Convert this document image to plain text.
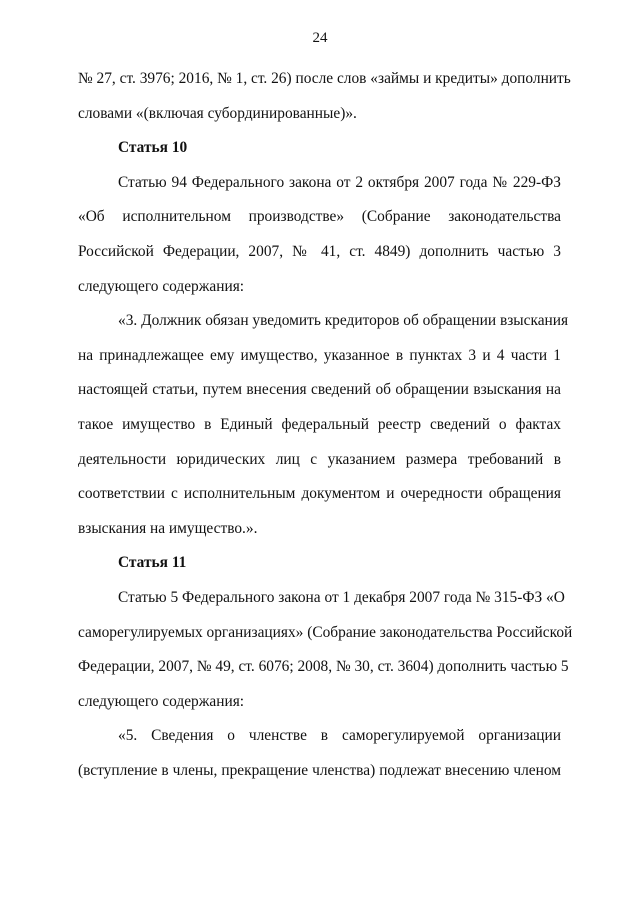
24
№ 27, ст. 3976; 2016, № 1, ст. 26) после слов «займы и кредиты» дополнить
словами «(включая субординированные)».
Статья 10
Статью 94 Федерального закона от 2 октября 2007 года № 229-ФЗ
«Об исполнительном производстве» (Собрание законодательства
Российской Федерации, 2007, № 41, ст. 4849) дополнить частью 3
следующего содержания:
«3. Должник обязан уведомить кредиторов об обращении взыскания
на принадлежащее ему имущество, указанное в пунктах 3 и 4 части 1
настоящей статьи, путем внесения сведений об обращении взыскания на
такое имущество в Единый федеральный реестр сведений о фактах
деятельности юридических лиц с указанием размера требований в
соответствии с исполнительным документом и очередности обращения
взыскания на имущество.».
Статья 11
Статью 5 Федерального закона от 1 декабря 2007 года № 315-ФЗ «О
саморегулируемых организациях» (Собрание законодательства Российской
Федерации, 2007, № 49, ст. 6076; 2008, № 30, ст. 3604) дополнить частью 5
следующего содержания:
«5. Сведения о членстве в саморегулируемой организации
(вступление в члены, прекращение членства) подлежат внесению членом
